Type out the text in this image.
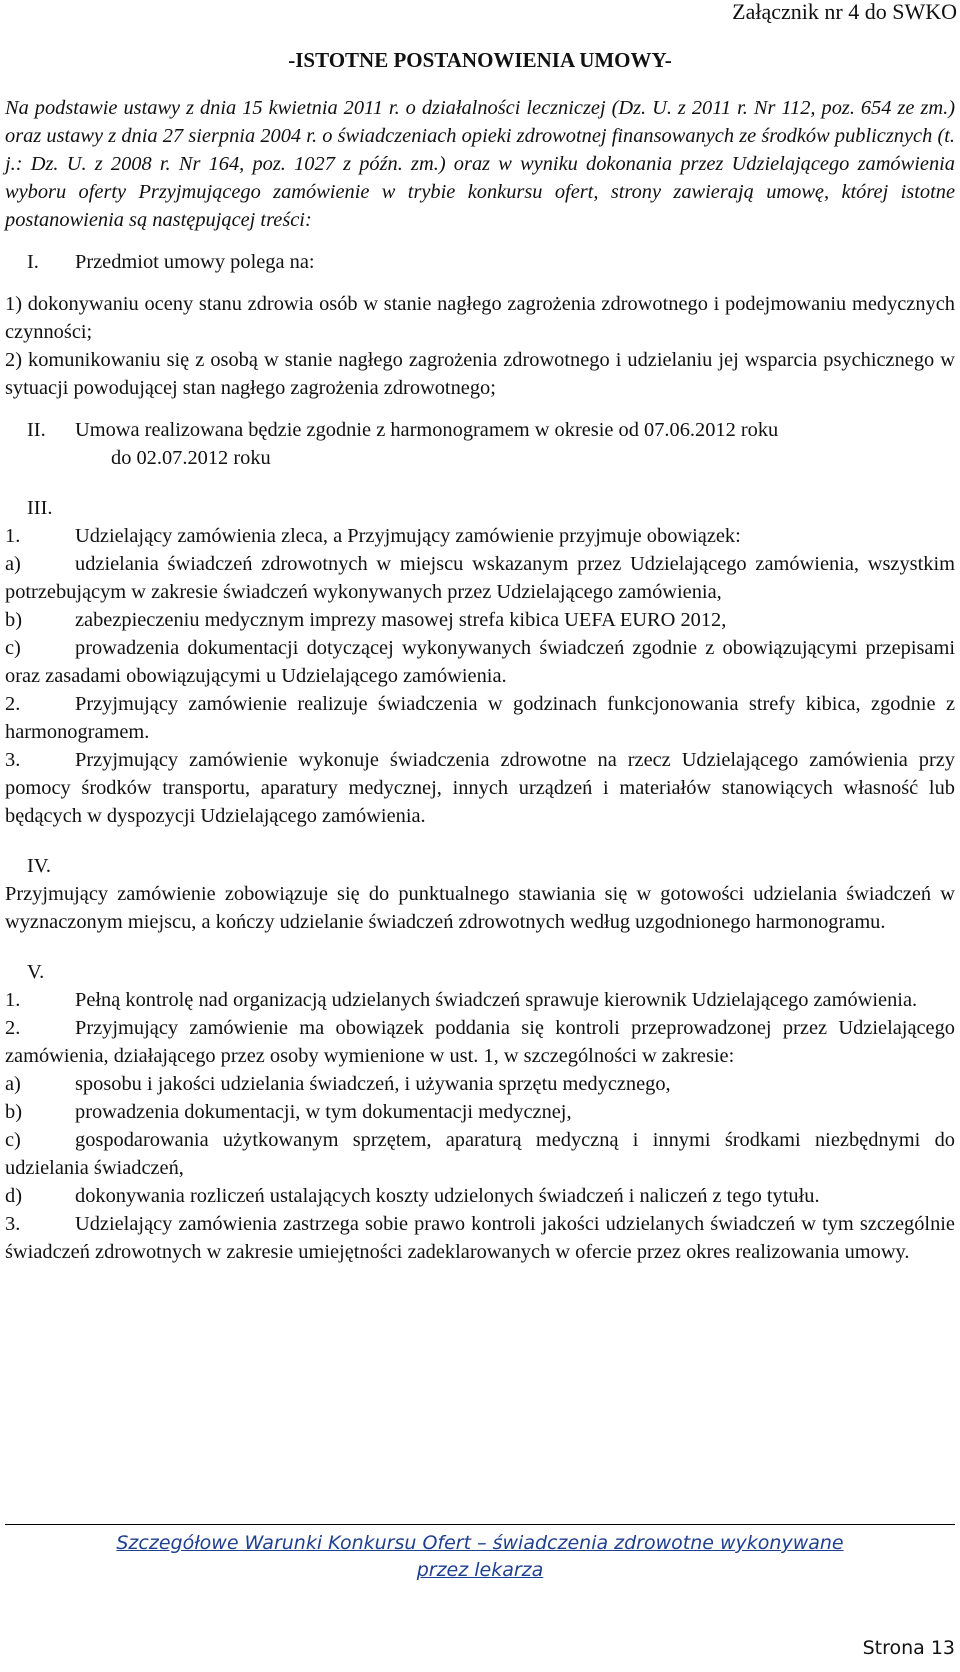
Załącznik nr 4 do SWKO
-ISTOTNE POSTANOWIENIA UMOWY-

Na podstawie ustawy z dnia 15 kwietnia 2011 r. o działalności leczniczej (Dz. U. z 2011 r. Nr 112, poz. 654 ze zm.) oraz ustawy z dnia 27 sierpnia 2004 r. o świadczeniach opieki zdrowotnej finansowanych ze środków publicznych (t. j.: Dz. U. z 2008 r. Nr 164, poz. 1027 z późn. zm.) oraz w wyniku dokonania przez Udzielającego zamówienia wyboru oferty Przyjmującego zamówienie w trybie konkursu ofert, strony zawierają umowę, której istotne postanowienia są następującej treści:

I. Przedmiot umowy polega na:

1) dokonywaniu oceny stanu zdrowia osób w stanie nagłego zagrożenia zdrowotnego i podejmowaniu medycznych czynności;

2) komunikowaniu się z osobą w stanie nagłego zagrożenia zdrowotnego i udzielaniu jej wsparcia psychicznego w sytuacji powodującej stan nagłego zagrożenia zdrowotnego;

II. Umowa realizowana będzie zgodnie z harmonogramem w okresie od 07.06.2012 roku
do 02.07.2012 roku
III.

1.	Udzielający zamówienia zleca, a Przyjmujący zamówienie przyjmuje obowiązek:

a)	udzielania świadczeń zdrowotnych w miejscu wskazanym przez Udzielającego zamówienia, wszystkim potrzebującym w zakresie świadczeń wykonywanych przez Udzielającego zamówienia,

b)	zabezpieczeniu medycznym imprezy masowej strefa kibica UEFA EURO 2012,

c)	prowadzenia dokumentacji dotyczącej wykonywanych świadczeń zgodnie z obowiązującymi przepisami oraz zasadami obowiązującymi u Udzielającego zamówienia.

2.	Przyjmujący zamówienie realizuje świadczenia w godzinach funkcjonowania strefy kibica, zgodnie z harmonogramem.

3.	Przyjmujący zamówienie wykonuje świadczenia zdrowotne na rzecz Udzielającego zamówienia przy pomocy środków transportu, aparatury medycznej, innych urządzeń i materiałów stanowiących własność lub będących w dyspozycji Udzielającego zamówienia.

IV.

Przyjmujący zamówienie zobowiązuje się do punktualnego stawiania się w gotowości udzielania świadczeń w wyznaczonym miejscu, a kończy udzielanie świadczeń zdrowotnych według uzgodnionego harmonogramu.

V.

1.	Pełną kontrolę nad organizacją udzielanych świadczeń sprawuje kierownik Udzielającego zamówienia.

2.	Przyjmujący zamówienie ma obowiązek poddania się kontroli przeprowadzonej przez Udzielającego zamówienia, działającego przez osoby wymienione w ust. 1, w szczególności w zakresie:

a)	sposobu i jakości udzielania świadczeń, i używania sprzętu medycznego,

b)	prowadzenia dokumentacji, w tym dokumentacji medycznej,

c)	gospodarowania użytkowanym sprzętem, aparaturą medyczną i innymi środkami niezbędnymi do udzielania świadczeń,

d)	dokonywania rozliczeń ustalających koszty udzielonych świadczeń i naliczeń z tego tytułu.

3.	Udzielający zamówienia zastrzega sobie prawo kontroli jakości udzielanych świadczeń w tym szczególnie świadczeń zdrowotnych w zakresie umiejętności zadeklarowanych w ofercie przez okres realizowania umowy.

Szczegółowe Warunki Konkursu Ofert – świadczenia zdrowotne wykonywane
przez lekarza
Strona 13
